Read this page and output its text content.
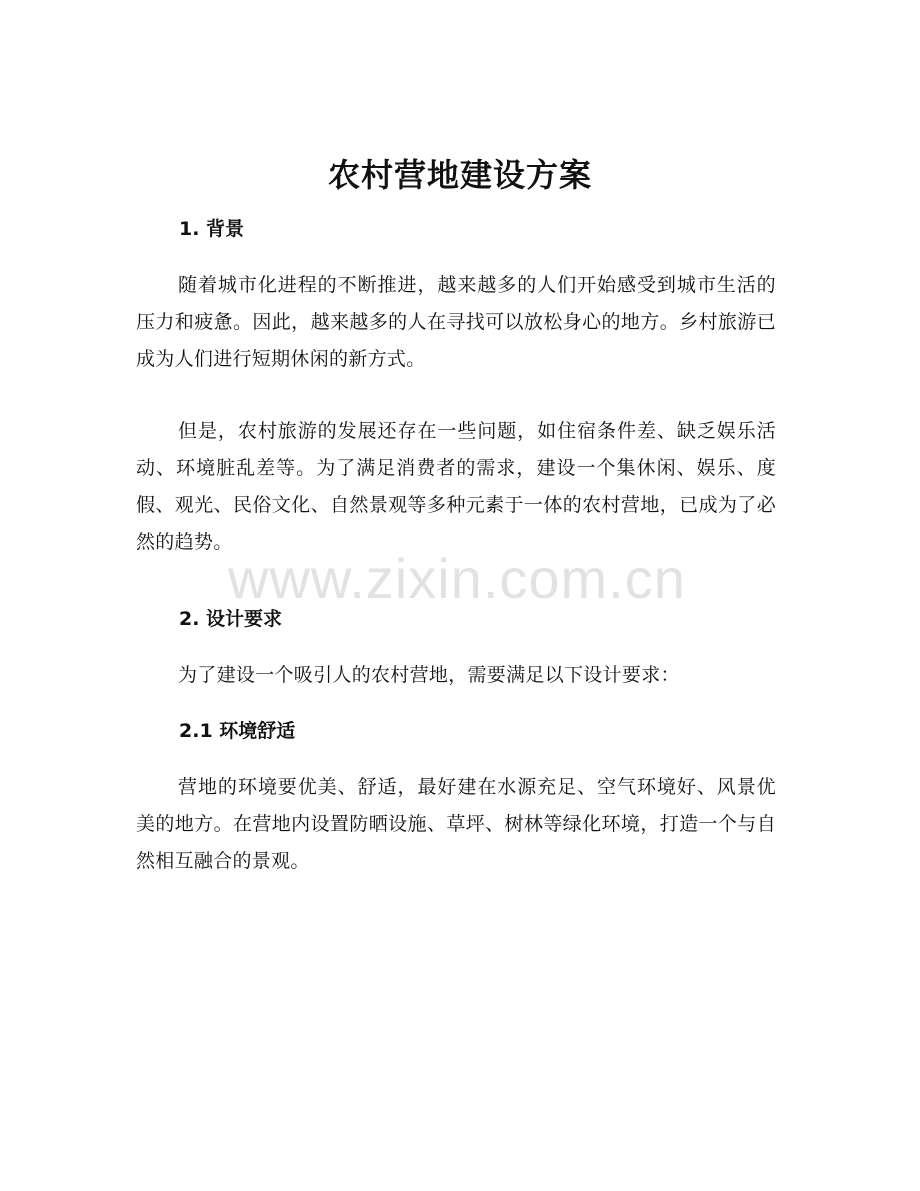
农村营地建设方案
1. 背景
随着城市化进程的不断推进，越来越多的人们开始感受到城市生活的压力和疲惫。因此，越来越多的人在寻找可以放松身心的地方。乡村旅游已成为人们进行短期休闲的新方式。
但是，农村旅游的发展还存在一些问题，如住宿条件差、缺乏娱乐活动、环境脏乱差等。为了满足消费者的需求，建设一个集休闲、娱乐、度假、观光、民俗文化、自然景观等多种元素于一体的农村营地，已成为了必然的趋势。
2. 设计要求
为了建设一个吸引人的农村营地，需要满足以下设计要求：
2.1 环境舒适
营地的环境要优美、舒适，最好建在水源充足、空气环境好、风景优美的地方。在营地内设置防晒设施、草坪、树林等绿化环境，打造一个与自然相互融合的景观。
www.zixin.com.cn
